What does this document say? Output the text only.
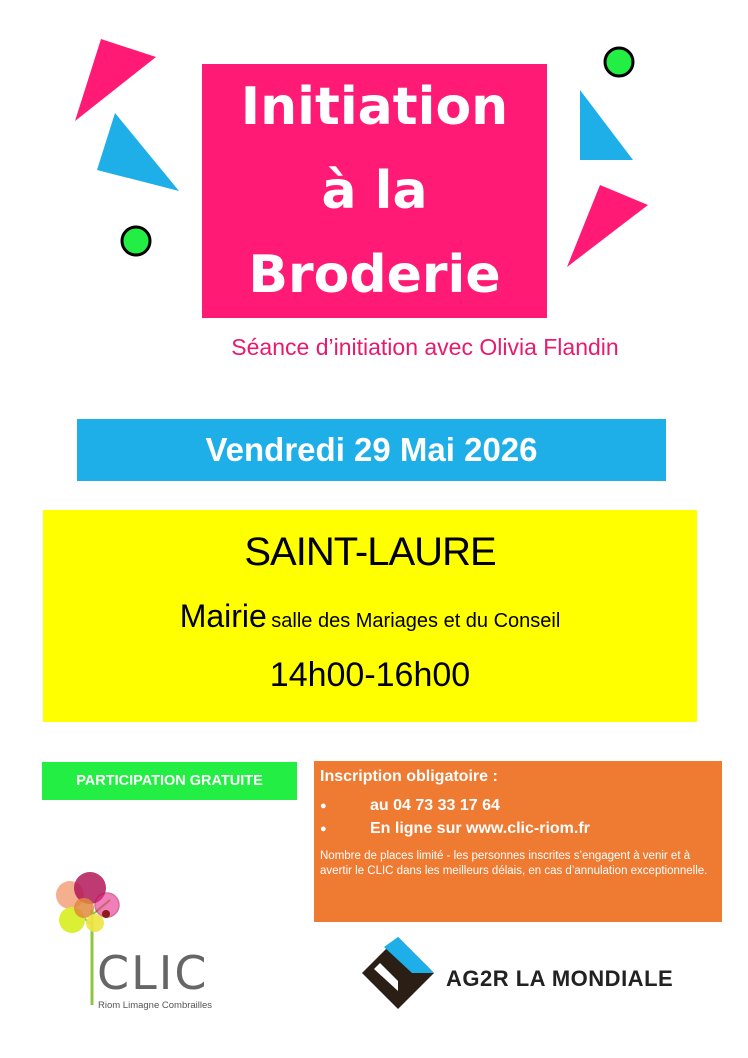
Initiation
à la
Broderie
Séance d’initiation avec Olivia Flandin
Vendredi 29 Mai 2026
SAINT-LAURE
Mairie salle des Mariages et du Conseil
14h00-16h00
PARTICIPATION GRATUITE	Inscription obligatoire :
●	au 04 73 33 17 64
●	En ligne sur www.clic-riom.fr
Nombre de places limité - les personnes inscrites s’engagent à venir et à avertir le CLIC dans les meilleurs délais, en cas d’annulation exceptionnelle.
CLIC
Riom Limagne Combrailles
AG2R LA MONDIALE
